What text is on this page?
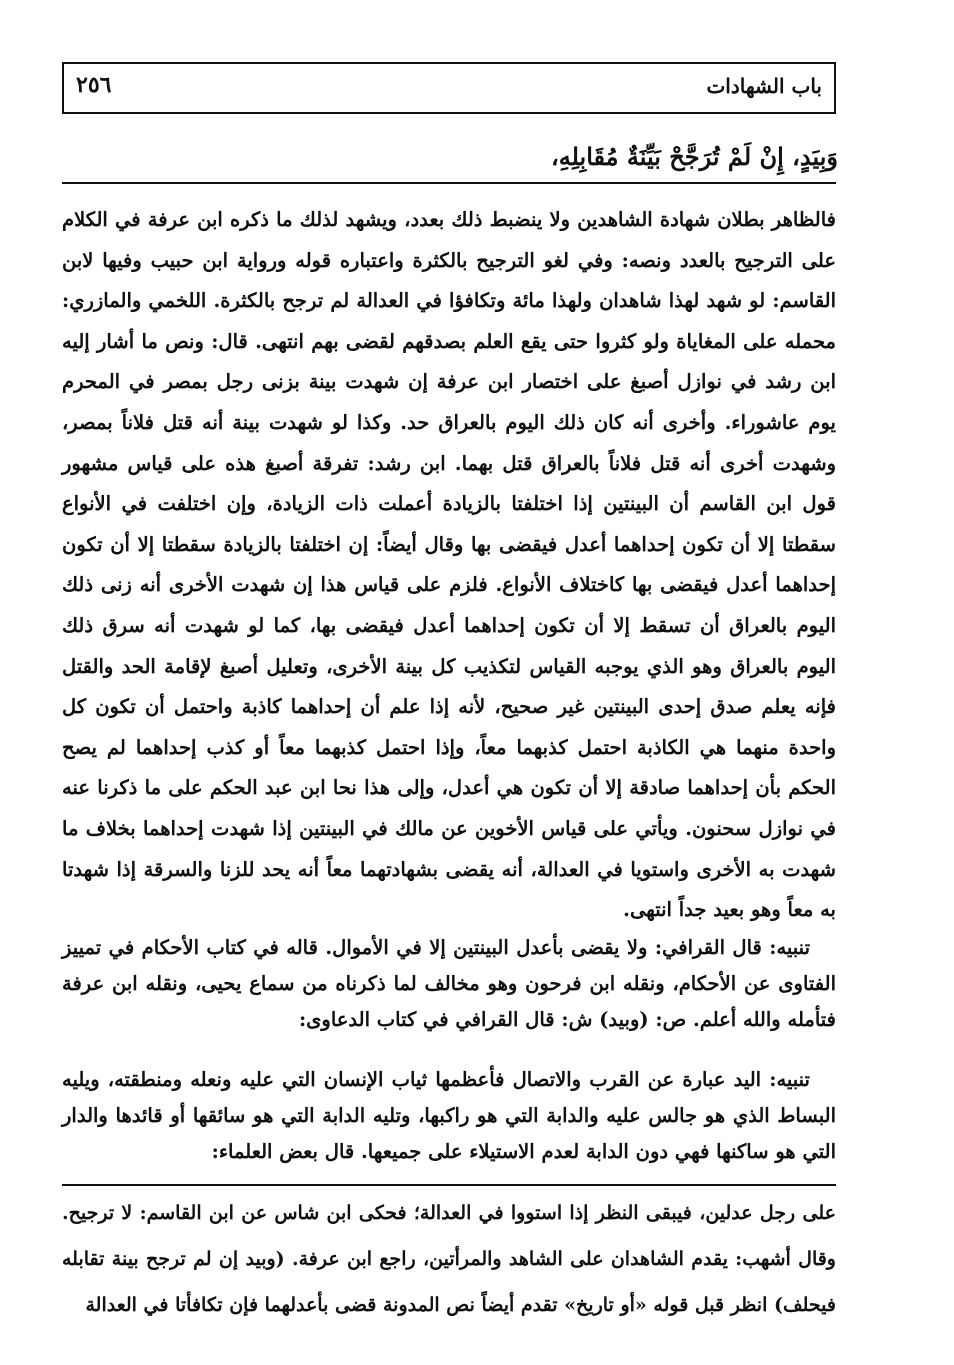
باب الشهادات
٢٥٦
وَبِيَدٍ، إِنْ لَمْ تُرَجَّحْ بَيِّنَةٌ مُقَابِلِهِ،

فالظاهر بطلان شهادة الشاهدين ولا ينضبط ذلك بعدد، ويشهد لذلك ما ذكره ابن عرفة في الكلام على الترجيح بالعدد ونصه: وفي لغو الترجيح بالكثرة واعتباره قوله ورواية ابن حبيب وفيها لابن القاسم: لو شهد لهذا شاهدان ولهذا مائة وتكافؤا في العدالة لم ترجح بالكثرة. اللخمي والمازري: محمله على المغاياة ولو كثروا حتى يقع العلم بصدقهم لقضى بهم انتهى. قال: ونص ما أشار إليه ابن رشد في نوازل أصبغ على اختصار ابن عرفة إن شهدت بينة بزنى رجل بمصر في المحرم يوم عاشوراء. وأخرى أنه كان ذلك اليوم بالعراق حد. وكذا لو شهدت بينة أنه قتل فلاناً بمصر، وشهدت أخرى أنه قتل فلاناً بالعراق قتل بهما. ابن رشد: تفرقة أصبغ هذه على قياس مشهور قول ابن القاسم أن البينتين إذا اختلفتا بالزيادة أعملت ذات الزيادة، وإن اختلفت في الأنواع سقطتا إلا أن تكون إحداهما أعدل فيقضى بها وقال أيضاً: إن اختلفتا بالزيادة سقطتا إلا أن تكون إحداهما أعدل فيقضى بها كاختلاف الأنواع. فلزم على قياس هذا إن شهدت الأخرى أنه زنى ذلك اليوم بالعراق أن تسقط إلا أن تكون إحداهما أعدل فيقضى بها، كما لو شهدت أنه سرق ذلك اليوم بالعراق وهو الذي يوجبه القياس لتكذيب كل بينة الأخرى، وتعليل أصبغ لإقامة الحد والقتل فإنه يعلم صدق إحدى البينتين غير صحيح، لأنه إذا علم أن إحداهما كاذبة واحتمل أن تكون كل واحدة منهما هي الكاذبة احتمل كذبهما معاً، وإذا احتمل كذبهما معاً أو كذب إحداهما لم يصح الحكم بأن إحداهما صادقة إلا أن تكون هي أعدل، وإلى هذا نحا ابن عبد الحكم على ما ذكرنا عنه في نوازل سحنون. ويأتي على قياس الأخوين عن مالك في البينتين إذا شهدت إحداهما بخلاف ما شهدت به الأخرى واستويا في العدالة، أنه يقضى بشهادتهما معاً أنه يحد للزنا والسرقة إذا شهدتا به معاً وهو بعيد جداً انتهى.

تنبيه: قال القرافي: ولا يقضى بأعدل البينتين إلا في الأموال. قاله في كتاب الأحكام في تمييز الفتاوى عن الأحكام، ونقله ابن فرحون وهو مخالف لما ذكرناه من سماع يحيى، ونقله ابن عرفة فتأمله والله أعلم. ص: (وبيد) ش: قال القرافي في كتاب الدعاوى:

تنبيه: اليد عبارة عن القرب والاتصال فأعظمها ثياب الإنسان التي عليه ونعله ومنطقته، ويليه البساط الذي هو جالس عليه والدابة التي هو راكبها، وتليه الدابة التي هو سائقها أو قائدها والدار التي هو ساكنها فهي دون الدابة لعدم الاستيلاء على جميعها. قال بعض العلماء:

على رجل عدلين، فيبقى النظر إذا استووا في العدالة؛ فحكى ابن شاس عن ابن القاسم: لا ترجيح. وقال أشهب: يقدم الشاهدان على الشاهد والمرأتين، راجع ابن عرفة. (وبيد إن لم ترجح بينة تقابله فيحلف) انظر قبل قوله «أو تاريخ» تقدم أيضاً نص المدونة قضى بأعدلهما فإن تكافأتا في العدالة
